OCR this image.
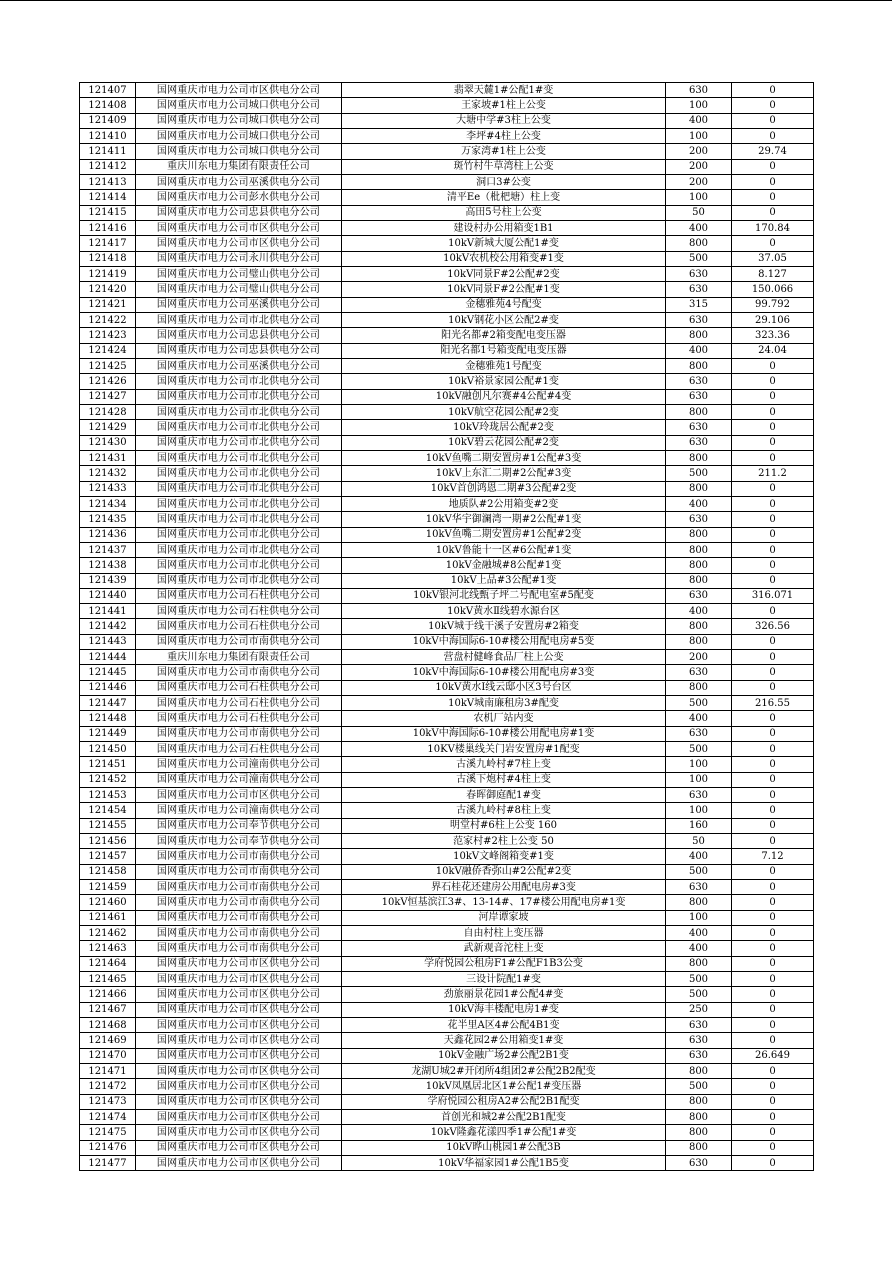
121407	国网重庆市电力公司市区供电分公司	翡翠天麓1#公配1#变	630	0
121408	国网重庆市电力公司城口供电分公司	王家坡#1柱上公变	100	0
121409	国网重庆市电力公司城口供电分公司	大塘中学#3柱上公变	400	0
121410	国网重庆市电力公司城口供电分公司	李坪#4柱上公变	100	0
121411	国网重庆市电力公司城口供电分公司	万家湾#1柱上公变	200	29.74
121412	重庆川东电力集团有限责任公司	斑竹村牛草湾柱上公变	200	0
121413	国网重庆市电力公司巫溪供电分公司	洞口3#公变	200	0
121414	国网重庆市电力公司彭水供电分公司	清平Ee（枇杷塘）柱上变	100	0
121415	国网重庆市电力公司忠县供电分公司	高田5号柱上公变	50	0
121416	国网重庆市电力公司市区供电分公司	建设村办公用箱变1B1	400	170.84
121417	国网重庆市电力公司市区供电分公司	10kV新城大厦公配1#变	800	0
121418	国网重庆市电力公司永川供电分公司	10kV农机校公用箱变#1变	500	37.05
121419	国网重庆市电力公司璧山供电分公司	10kV同景F#2公配#2变	630	8.127
121420	国网重庆市电力公司璧山供电分公司	10kV同景F#2公配#1变	630	150.066
121421	国网重庆市电力公司巫溪供电分公司	金穗雅苑4号配变	315	99.792
121422	国网重庆市电力公司市北供电分公司	10kV钢花小区公配2#变	630	29.106
121423	国网重庆市电力公司忠县供电分公司	阳光名都#2箱变配电变压器	800	323.36
121424	国网重庆市电力公司忠县供电分公司	阳光名都1号箱变配电变压器	400	24.04
121425	国网重庆市电力公司巫溪供电分公司	金穗雅苑1号配变	800	0
121426	国网重庆市电力公司市北供电分公司	10kV裕景家园公配#1变	630	0
121427	国网重庆市电力公司市北供电分公司	10kV融创凡尔赛#4公配#4变	630	0
121428	国网重庆市电力公司市北供电分公司	10kV航空花园公配#2变	800	0
121429	国网重庆市电力公司市北供电分公司	10kV玲珑居公配#2变	630	0
121430	国网重庆市电力公司市北供电分公司	10kV碧云花园公配#2变	630	0
121431	国网重庆市电力公司市北供电分公司	10kV鱼嘴二期安置房#1公配#3变	800	0
121432	国网重庆市电力公司市北供电分公司	10kV上东汇二期#2公配#3变	500	211.2
121433	国网重庆市电力公司市北供电分公司	10kV首创鸿恩二期#3公配#2变	800	0
121434	国网重庆市电力公司市北供电分公司	地质队#2公用箱变#2变	400	0
121435	国网重庆市电力公司市北供电分公司	10kV华宇御澜湾一期#2公配#1变	630	0
121436	国网重庆市电力公司市北供电分公司	10kV鱼嘴二期安置房#1公配#2变	800	0
121437	国网重庆市电力公司市北供电分公司	10kV鲁能十一区#6公配#1变	800	0
121438	国网重庆市电力公司市北供电分公司	10kV金融城#8公配#1变	800	0
121439	国网重庆市电力公司市北供电分公司	10kV上品#3公配#1变	800	0
121440	国网重庆市电力公司石柱供电分公司	10kV银河北线甄子坪二号配电室#5配变	630	316.071
121441	国网重庆市电力公司石柱供电分公司	10kV黄水Ⅱ线碧水源台区	400	0
121442	国网重庆市电力公司石柱供电分公司	10kV城于线干溪子安置房#2箱变	800	326.56
121443	国网重庆市电力公司市南供电分公司	10kV中海国际6-10#楼公用配电房#5变	800	0
121444	重庆川东电力集团有限责任公司	营盘村健峰食品厂柱上公变	200	0
121445	国网重庆市电力公司市南供电分公司	10kV中海国际6-10#楼公用配电房#3变	630	0
121446	国网重庆市电力公司石柱供电分公司	10kV黄水Ⅰ线云邸小区3号台区	800	0
121447	国网重庆市电力公司石柱供电分公司	10kV城南廉租房3#配变	500	216.55
121448	国网重庆市电力公司石柱供电分公司	农机厂站内变	400	0
121449	国网重庆市电力公司市南供电分公司	10kV中海国际6-10#楼公用配电房#1变	630	0
121450	国网重庆市电力公司石柱供电分公司	10KV楼巢线关门岩安置房#1配变	500	0
121451	国网重庆市电力公司潼南供电分公司	古溪九岭村#7柱上变	100	0
121452	国网重庆市电力公司潼南供电分公司	古溪下炮村#4柱上变	100	0
121453	国网重庆市电力公司市区供电分公司	春晖御庭配1#变	630	0
121454	国网重庆市电力公司潼南供电分公司	古溪九岭村#8柱上变	100	0
121455	国网重庆市电力公司奉节供电分公司	明堂村#6柱上公变 160	160	0
121456	国网重庆市电力公司奉节供电分公司	范家村#2柱上公变 50	50	0
121457	国网重庆市电力公司市南供电分公司	10kV文峰阁箱变#1变	400	7.12
121458	国网重庆市电力公司市南供电分公司	10kV融侨香弥山#2公配#2变	500	0
121459	国网重庆市电力公司市南供电分公司	界石桂花还建房公用配电房#3变	630	0
121460	国网重庆市电力公司市南供电分公司	10kV恒基滨江3#、13-14#、17#楼公用配电房#1变	800	0
121461	国网重庆市电力公司市南供电分公司	河岸谭家坡	100	0
121462	国网重庆市电力公司市南供电分公司	自由村柱上变压器	400	0
121463	国网重庆市电力公司市南供电分公司	武新观音沱柱上变	400	0
121464	国网重庆市电力公司市区供电分公司	学府悦园公租房F1#公配F1B3公变	800	0
121465	国网重庆市电力公司市区供电分公司	三设计院配1#变	500	0
121466	国网重庆市电力公司市区供电分公司	劲旅丽景花园1#公配4#变	500	0
121467	国网重庆市电力公司市区供电分公司	10kV海丰楼配电房1#变	250	0
121468	国网重庆市电力公司市区供电分公司	花半里A区4#公配4B1变	630	0
121469	国网重庆市电力公司市区供电分公司	天鑫花园2#公用箱变1#变	630	0
121470	国网重庆市电力公司市区供电分公司	10kV金融广场2#公配2B1变	630	26.649
121471	国网重庆市电力公司市区供电分公司	龙湖U城2#开闭所4组团2#公配2B2配变	800	0
121472	国网重庆市电力公司市区供电分公司	10kV凤凰居北区1#公配1#变压器	500	0
121473	国网重庆市电力公司市区供电分公司	学府悦园公租房A2#公配2B1配变	800	0
121474	国网重庆市电力公司市区供电分公司	首创光和城2#公配2B1配变	800	0
121475	国网重庆市电力公司市区供电分公司	10kV隆鑫花漾四季1#公配1#变	800	0
121476	国网重庆市电力公司市区供电分公司	10kV晔山桃园1#公配3B	800	0
121477	国网重庆市电力公司市区供电分公司	10kV华福家园1#公配1B5变	630	0
